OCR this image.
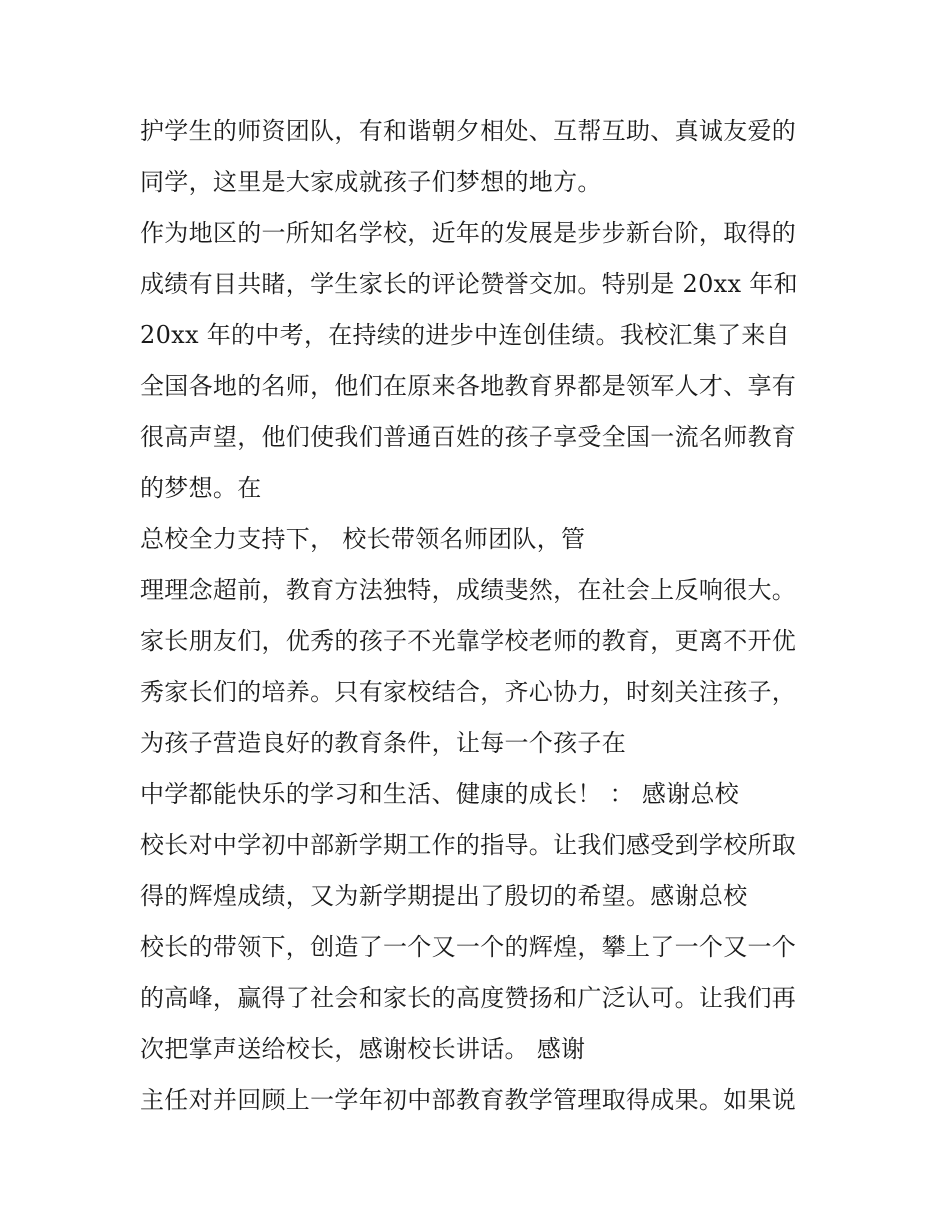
护学生的师资团队，有和谐朝夕相处、互帮互助、真诚友爱的
同学，这里是大家成就孩子们梦想的地方。
作为地区的一所知名学校，近年的发展是步步新台阶，取得的
成绩有目共睹，学生家长的评论赞誉交加。特别是 20xx 年和
20xx 年的中考，在持续的进步中连创佳绩。我校汇集了来自
全国各地的名师，他们在原来各地教育界都是领军人才、享有
很高声望，他们使我们普通百姓的孩子享受全国一流名师教育
的梦想。在
总校全力支持下， 校长带领名师团队，管
理理念超前，教育方法独特，成绩斐然，在社会上反响很大。
家长朋友们，优秀的孩子不光靠学校老师的教育，更离不开优
秀家长们的培养。只有家校结合，齐心协力，时刻关注孩子，
为孩子营造良好的教育条件，让每一个孩子在
中学都能快乐的学习和生活、健康的成长！ ： 感谢总校
校长对中学初中部新学期工作的指导。让我们感受到学校所取
得的辉煌成绩，又为新学期提出了殷切的希望。感谢总校
校长的带领下，创造了一个又一个的辉煌，攀上了一个又一个
的高峰，赢得了社会和家长的高度赞扬和广泛认可。让我们再
次把掌声送给校长，感谢校长讲话。 感谢
主任对并回顾上一学年初中部教育教学管理取得成果。如果说
